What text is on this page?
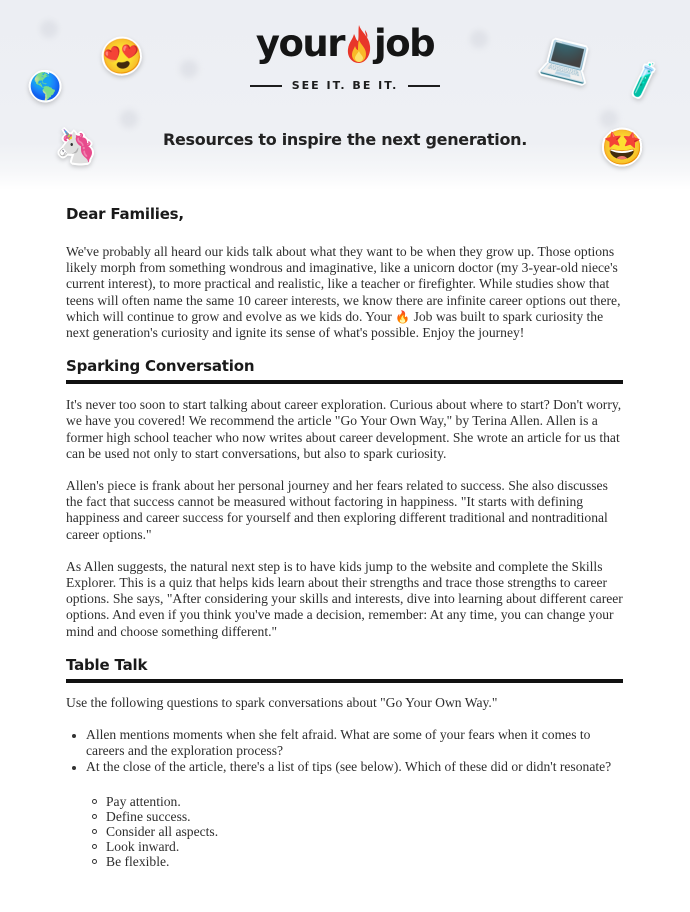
your job
SEE IT. BE IT.
Resources to inspire the next generation.
😍
🌎
🦄
💻 🧪
🤩
Dear Families,

We've probably all heard our kids talk about what they want to be when they grow up. Those options likely morph from something wondrous and imaginative, like a unicorn doctor (my 3-year-old niece's current interest), to more practical and realistic, like a teacher or firefighter. While studies show that teens will often name the same 10 career interests, we know there are infinite career options out there, which will continue to grow and evolve as we kids do. Your 🔥 Job was built to spark curiosity the next generation's curiosity and ignite its sense of what's possible. Enjoy the journey!

Sparking Conversation

It's never too soon to start talking about career exploration. Curious about where to start? Don't worry, we have you covered! We recommend the article "Go Your Own Way," by Terina Allen. Allen is a former high school teacher who now writes about career development. She wrote an article for us that can be used not only to start conversations, but also to spark curiosity.

Allen's piece is frank about her personal journey and her fears related to success. She also discusses the fact that success cannot be measured without factoring in happiness. "It starts with defining happiness and career success for yourself and then exploring different traditional and nontraditional career options."

As Allen suggests, the natural next step is to have kids jump to the website and complete the Skills Explorer. This is a quiz that helps kids learn about their strengths and trace those strengths to career options. She says, "After considering your skills and interests, dive into learning about different career options. And even if you think you've made a decision, remember: At any time, you can change your mind and choose something different."

Table Talk

Use the following questions to spark conversations about "Go Your Own Way."

Allen mentions moments when she felt afraid. What are some of your fears when it comes to careers and the exploration process?
At the close of the article, there's a list of tips (see below). Which of these did or didn't resonate?
Pay attention.
Define success.
Consider all aspects.
Look inward.
Be flexible.
